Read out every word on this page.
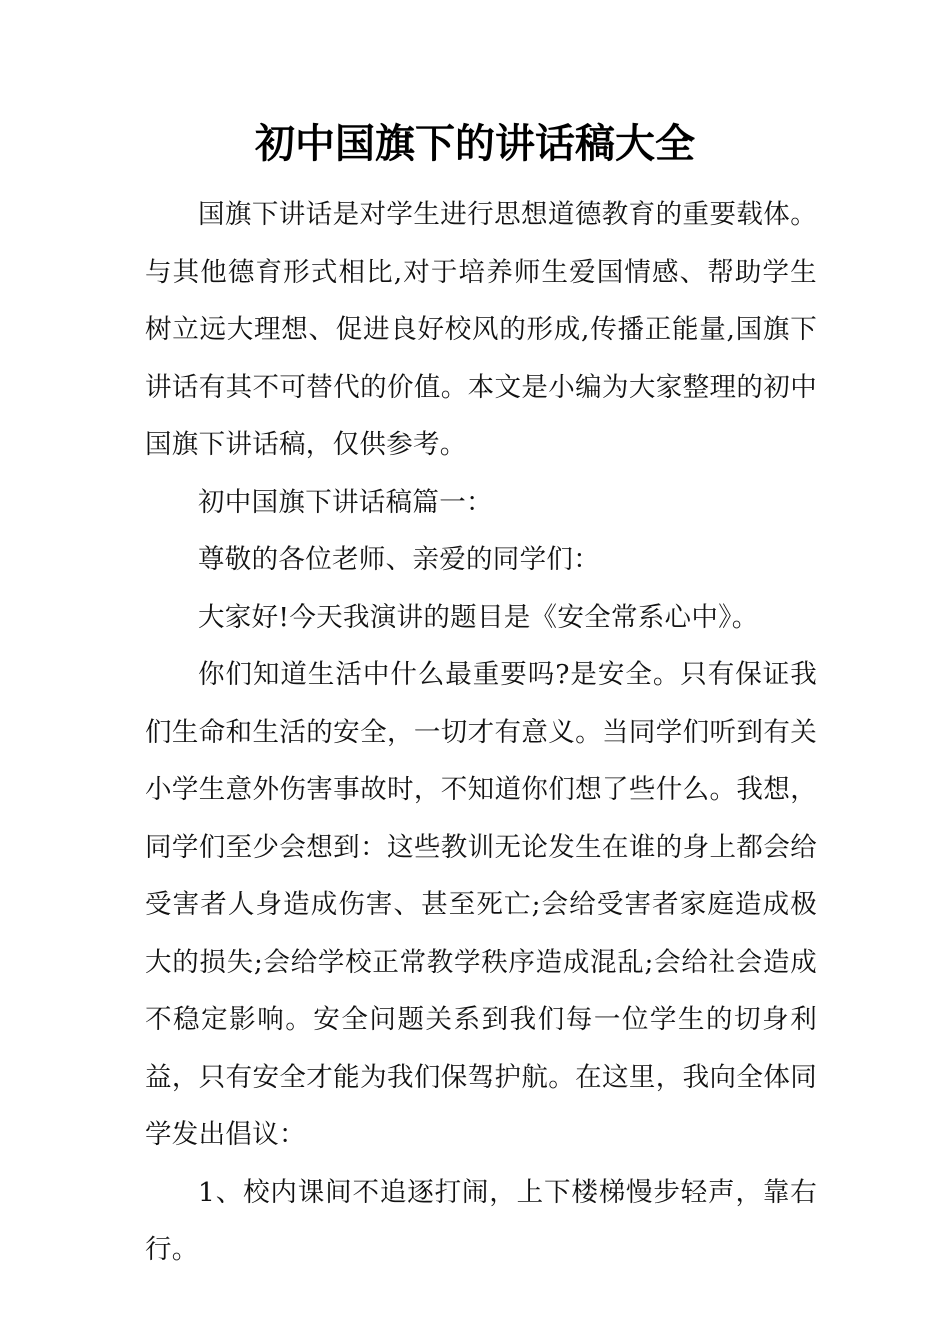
初中国旗下的讲话稿大全

国旗下讲话是对学生进行思想道德教育的重要载体。与其他德育形式相比,对于培养师生爱国情感、帮助学生树立远大理想、促进良好校风的形成,传播正能量,国旗下讲话有其不可替代的价值。本文是小编为大家整理的初中国旗下讲话稿，仅供参考。

初中国旗下讲话稿篇一：

尊敬的各位老师、亲爱的同学们：

大家好!今天我演讲的题目是《安全常系心中》。

你们知道生活中什么最重要吗?是安全。只有保证我们生命和生活的安全，一切才有意义。当同学们听到有关小学生意外伤害事故时，不知道你们想了些什么。我想，同学们至少会想到：这些教训无论发生在谁的身上都会给受害者人身造成伤害、甚至死亡;会给受害者家庭造成极大的损失;会给学校正常教学秩序造成混乱;会给社会造成不稳定影响。安全问题关系到我们每一位学生的切身利益，只有安全才能为我们保驾护航。在这里，我向全体同学发出倡议：

1、校内课间不追逐打闹，上下楼梯慢步轻声，靠右行。
